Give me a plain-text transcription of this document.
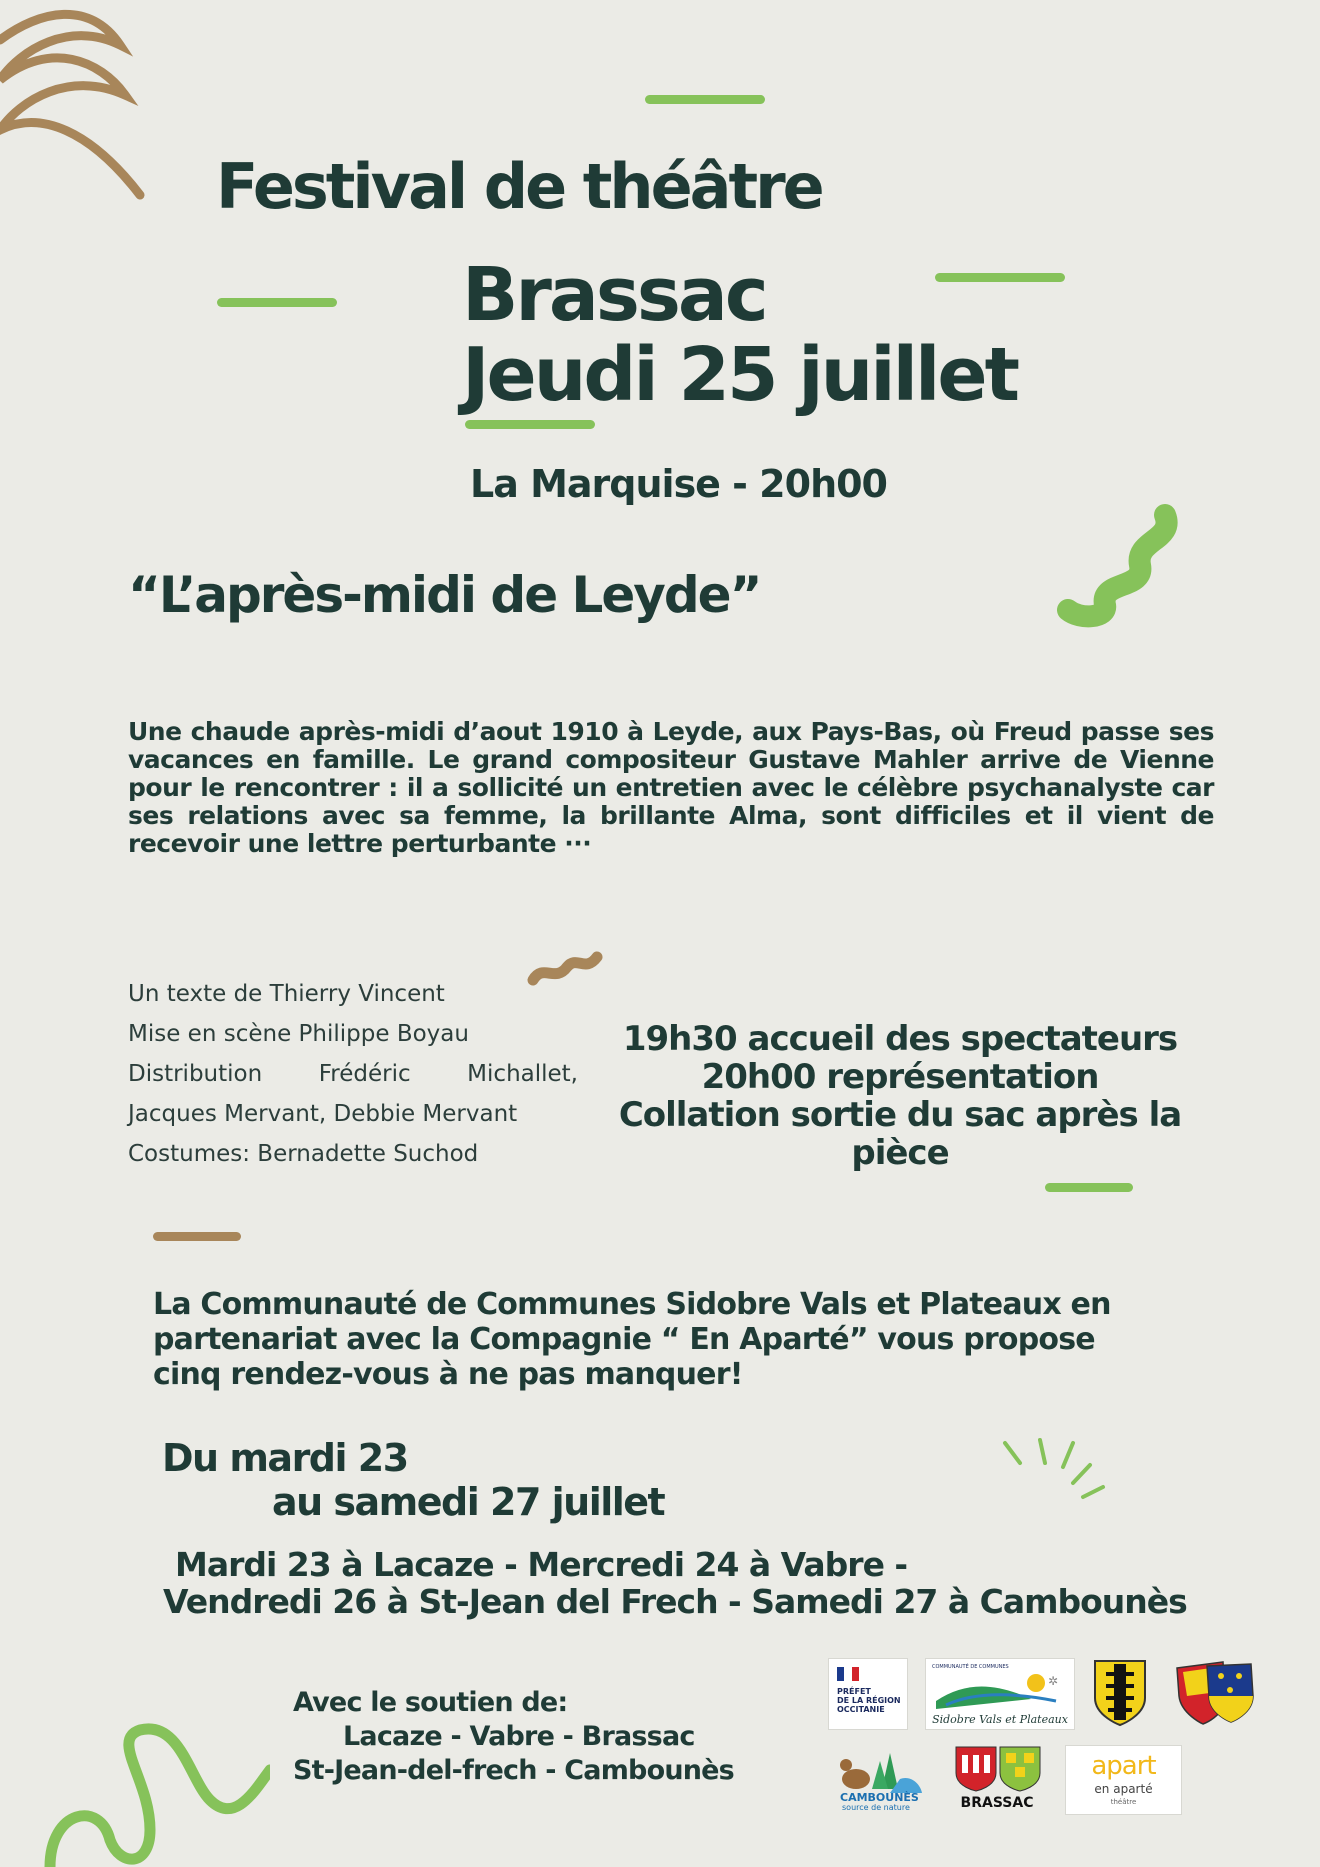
Festival de théâtre
Brassac
Jeudi 25 juillet
La Marquise - 20h00
“L’après-midi de Leyde”
Une chaude après-midi d’aout 1910 à Leyde, aux Pays-Bas, où Freud passe ses vacances en famille. Le grand compositeur Gustave Mahler arrive de Vienne pour le rencontrer : il a sollicité un entretien avec le célèbre psychanalyste car ses relations avec sa femme, la brillante Alma, sont difficiles et il vient de recevoir une lettre perturbante ···
Un texte de Thierry Vincent
Mise en scène Philippe Boyau
Distribution Frédéric Michallet,
Jacques Mervant, Debbie Mervant
Costumes: Bernadette Suchod
19h30 accueil des spectateurs
20h00 représentation
Collation sortie du sac après la pièce
La Communauté de Communes Sidobre Vals et Plateaux en partenariat avec la Compagnie “ En Aparté” vous propose cinq rendez-vous à ne pas manquer!
Du mardi 23
au samedi 27 juillet
Mardi 23 à Lacaze - Mercredi 24 à Vabre -
Vendredi 26 à St-Jean del Frech - Samedi 27 à Cambounès
Avec le soutien de:
Lacaze - Vabre - Brassac
St-Jean-del-frech - Cambounès
PRÉFET
DE LA RÉGION
OCCITANIE
COMMUNAUTÉ DE COMMUNES
✲
Sidobre Vals et Plateaux
CAMBOUNÈS
source de nature	BRASSAC
apart
en aparté
théâtre
